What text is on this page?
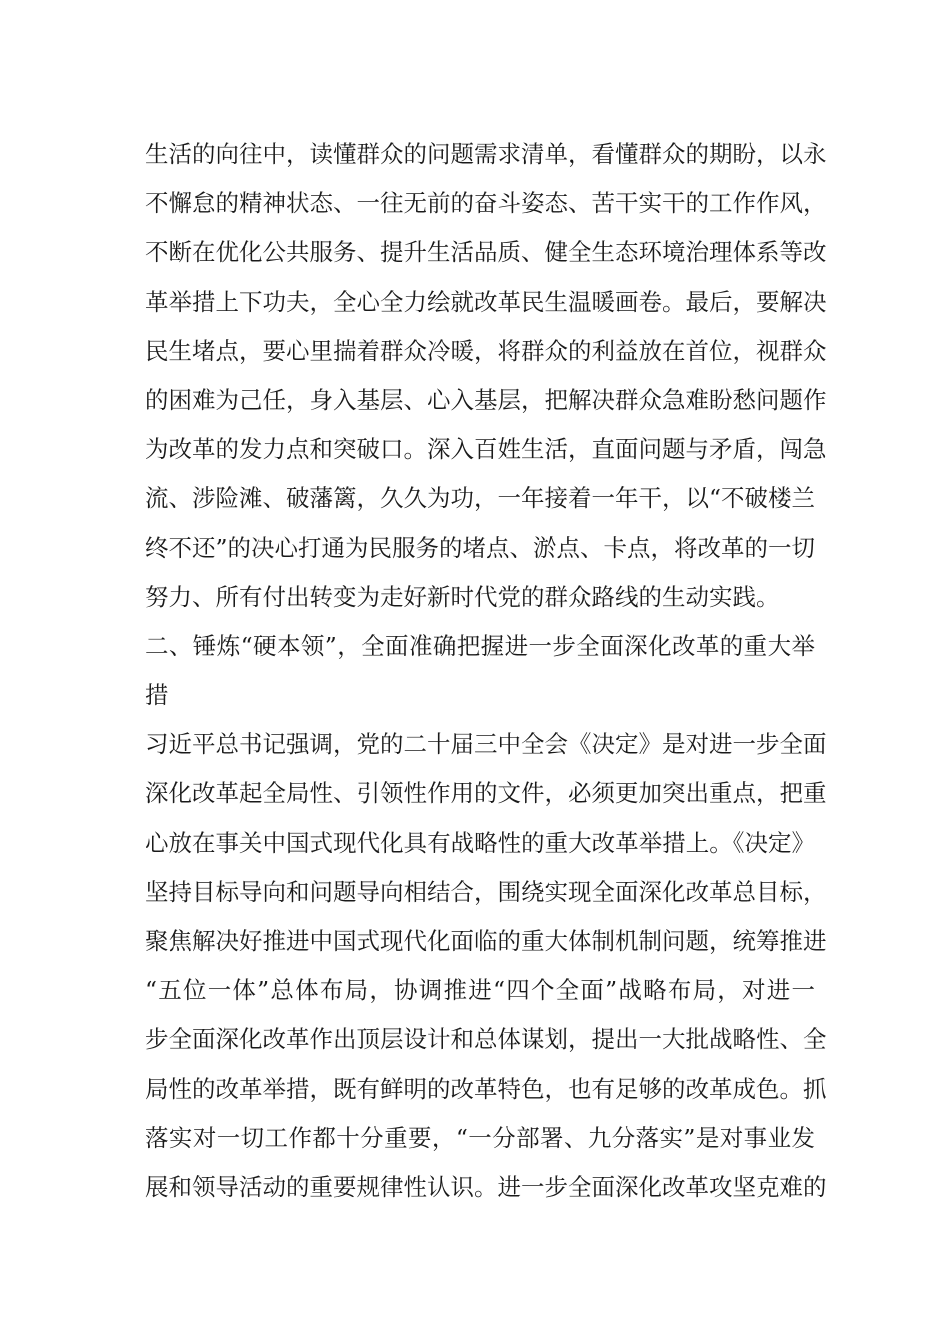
生活的向往中，读懂群众的问题需求清单，看懂群众的期盼，以永
不懈怠的精神状态、一往无前的奋斗姿态、苦干实干的工作作风，
不断在优化公共服务、提升生活品质、健全生态环境治理体系等改
革举措上下功夫，全心全力绘就改革民生温暖画卷。最后，要解决
民生堵点，要心里揣着群众冷暖，将群众的利益放在首位，视群众
的困难为己任，身入基层、心入基层，把解决群众急难盼愁问题作
为改革的发力点和突破口。深入百姓生活，直面问题与矛盾，闯急
流、涉险滩、破藩篱，久久为功，一年接着一年干，以“不破楼兰
终不还”的决心打通为民服务的堵点、淤点、卡点，将改革的一切
努力、所有付出转变为走好新时代党的群众路线的生动实践。
二、锤炼“硬本领”，全面准确把握进一步全面深化改革的重大举
措
习近平总书记强调，党的二十届三中全会《决定》是对进一步全面
深化改革起全局性、引领性作用的文件，必须更加突出重点，把重
心放在事关中国式现代化具有战略性的重大改革举措上。《决定》
坚持目标导向和问题导向相结合，围绕实现全面深化改革总目标，
聚焦解决好推进中国式现代化面临的重大体制机制问题，统筹推进
“五位一体”总体布局，协调推进“四个全面”战略布局，对进一
步全面深化改革作出顶层设计和总体谋划，提出一大批战略性、全
局性的改革举措，既有鲜明的改革特色，也有足够的改革成色。抓
落实对一切工作都十分重要，“一分部署、九分落实”是对事业发
展和领导活动的重要规律性认识。进一步全面深化改革攻坚克难的
